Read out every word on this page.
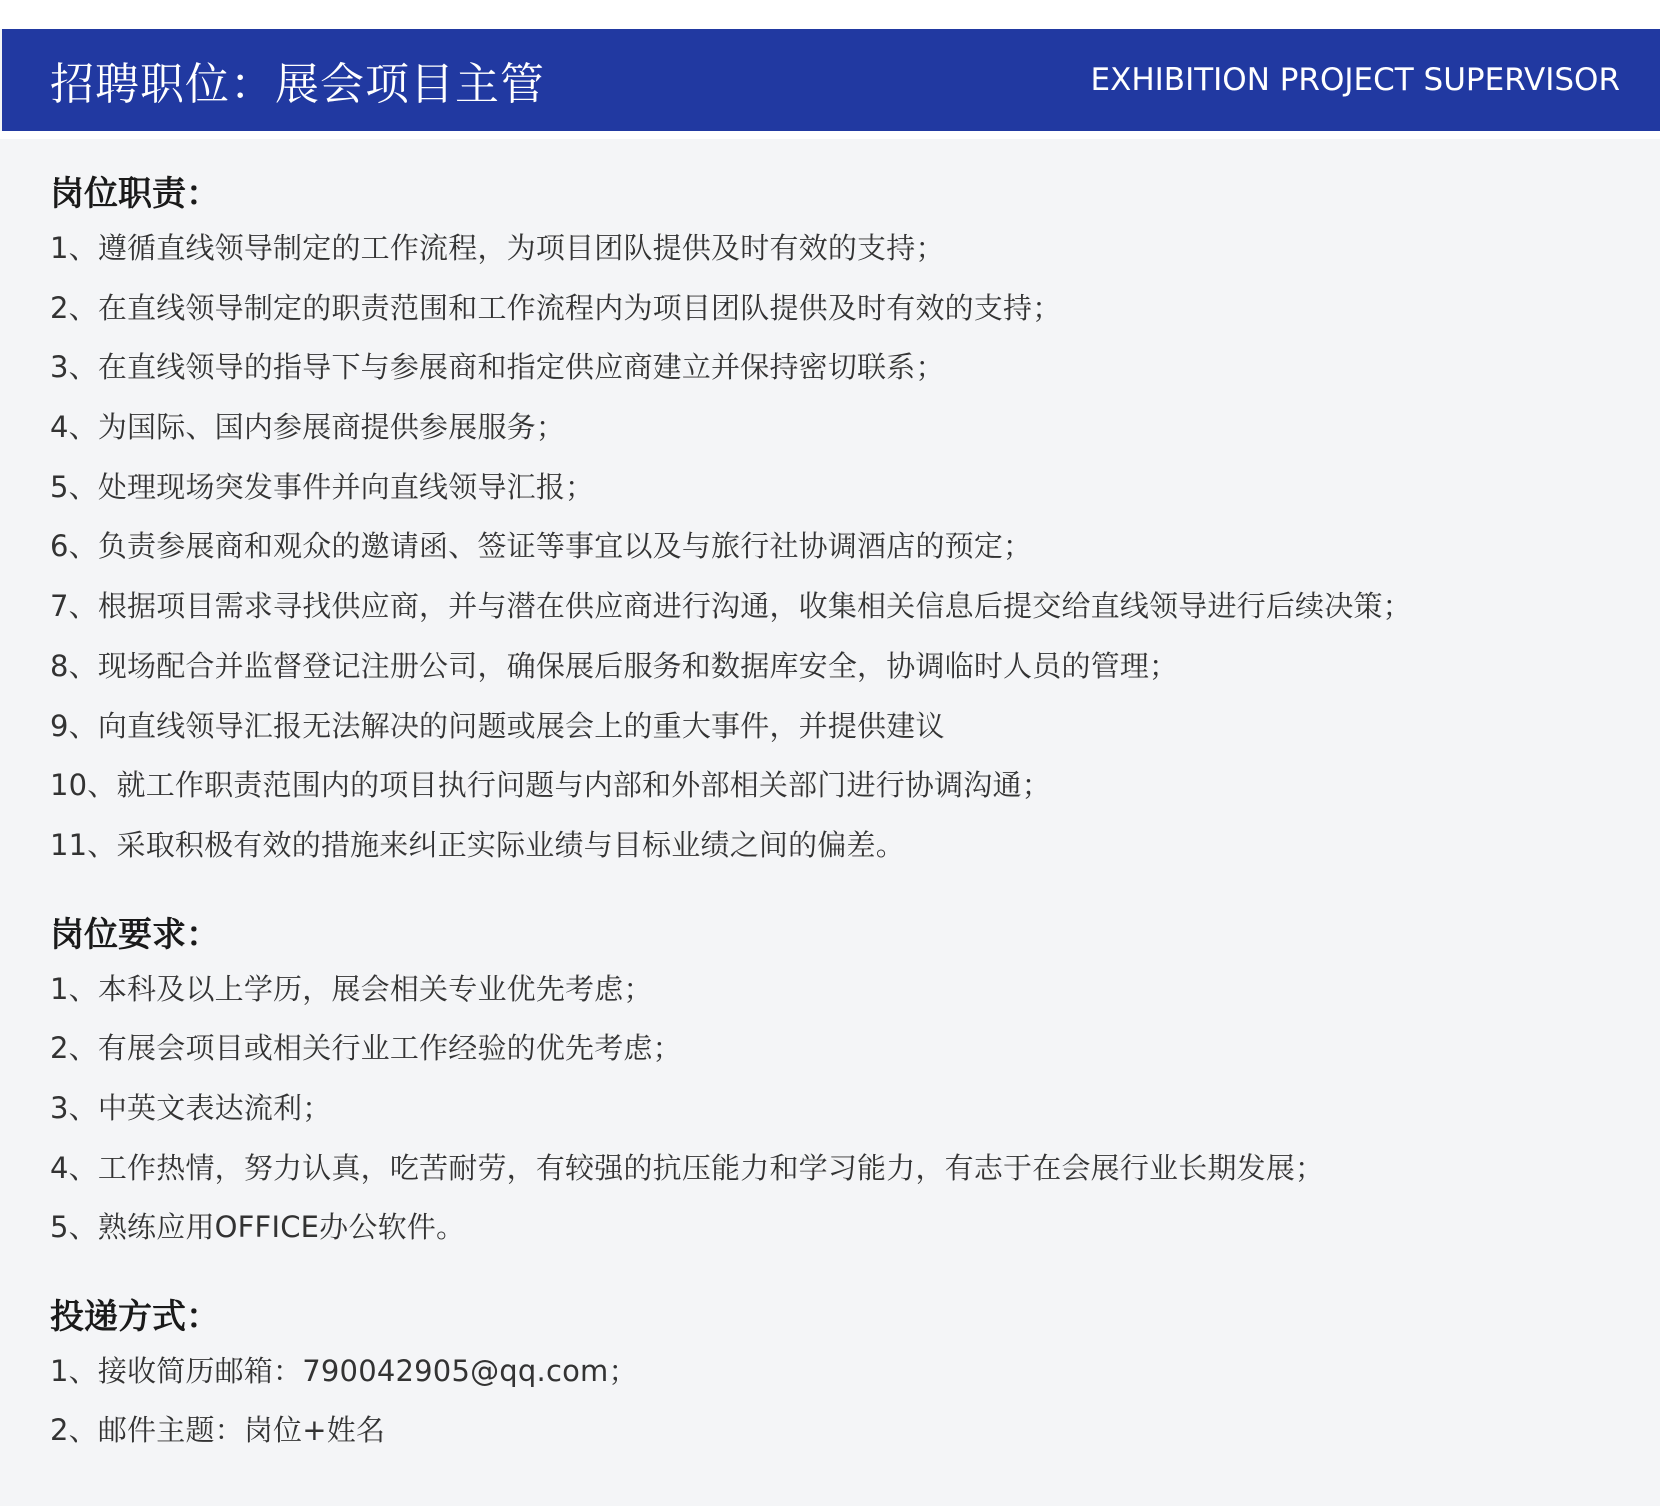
招聘职位：展会项目主管	EXHIBITION PROJECT SUPERVISOR
岗位职责：
1、遵循直线领导制定的工作流程，为项目团队提供及时有效的支持；
2、在直线领导制定的职责范围和工作流程内为项目团队提供及时有效的支持；
3、在直线领导的指导下与参展商和指定供应商建立并保持密切联系；
4、为国际、国内参展商提供参展服务；
5、处理现场突发事件并向直线领导汇报；
6、负责参展商和观众的邀请函、签证等事宜以及与旅行社协调酒店的预定；
7、根据项目需求寻找供应商，并与潜在供应商进行沟通，收集相关信息后提交给直线领导进行后续决策；
8、现场配合并监督登记注册公司，确保展后服务和数据库安全，协调临时人员的管理；
9、向直线领导汇报无法解决的问题或展会上的重大事件，并提供建议
10、就工作职责范围内的项目执行问题与内部和外部相关部门进行协调沟通；
11、采取积极有效的措施来纠正实际业绩与目标业绩之间的偏差。
岗位要求：
1、本科及以上学历，展会相关专业优先考虑；
2、有展会项目或相关行业工作经验的优先考虑；
3、中英文表达流利；
4、工作热情，努力认真，吃苦耐劳，有较强的抗压能力和学习能力，有志于在会展行业长期发展；
5、熟练应用OFFICE办公软件。
投递方式：
1、接收简历邮箱：790042905@qq.com；
2、邮件主题：岗位+姓名
